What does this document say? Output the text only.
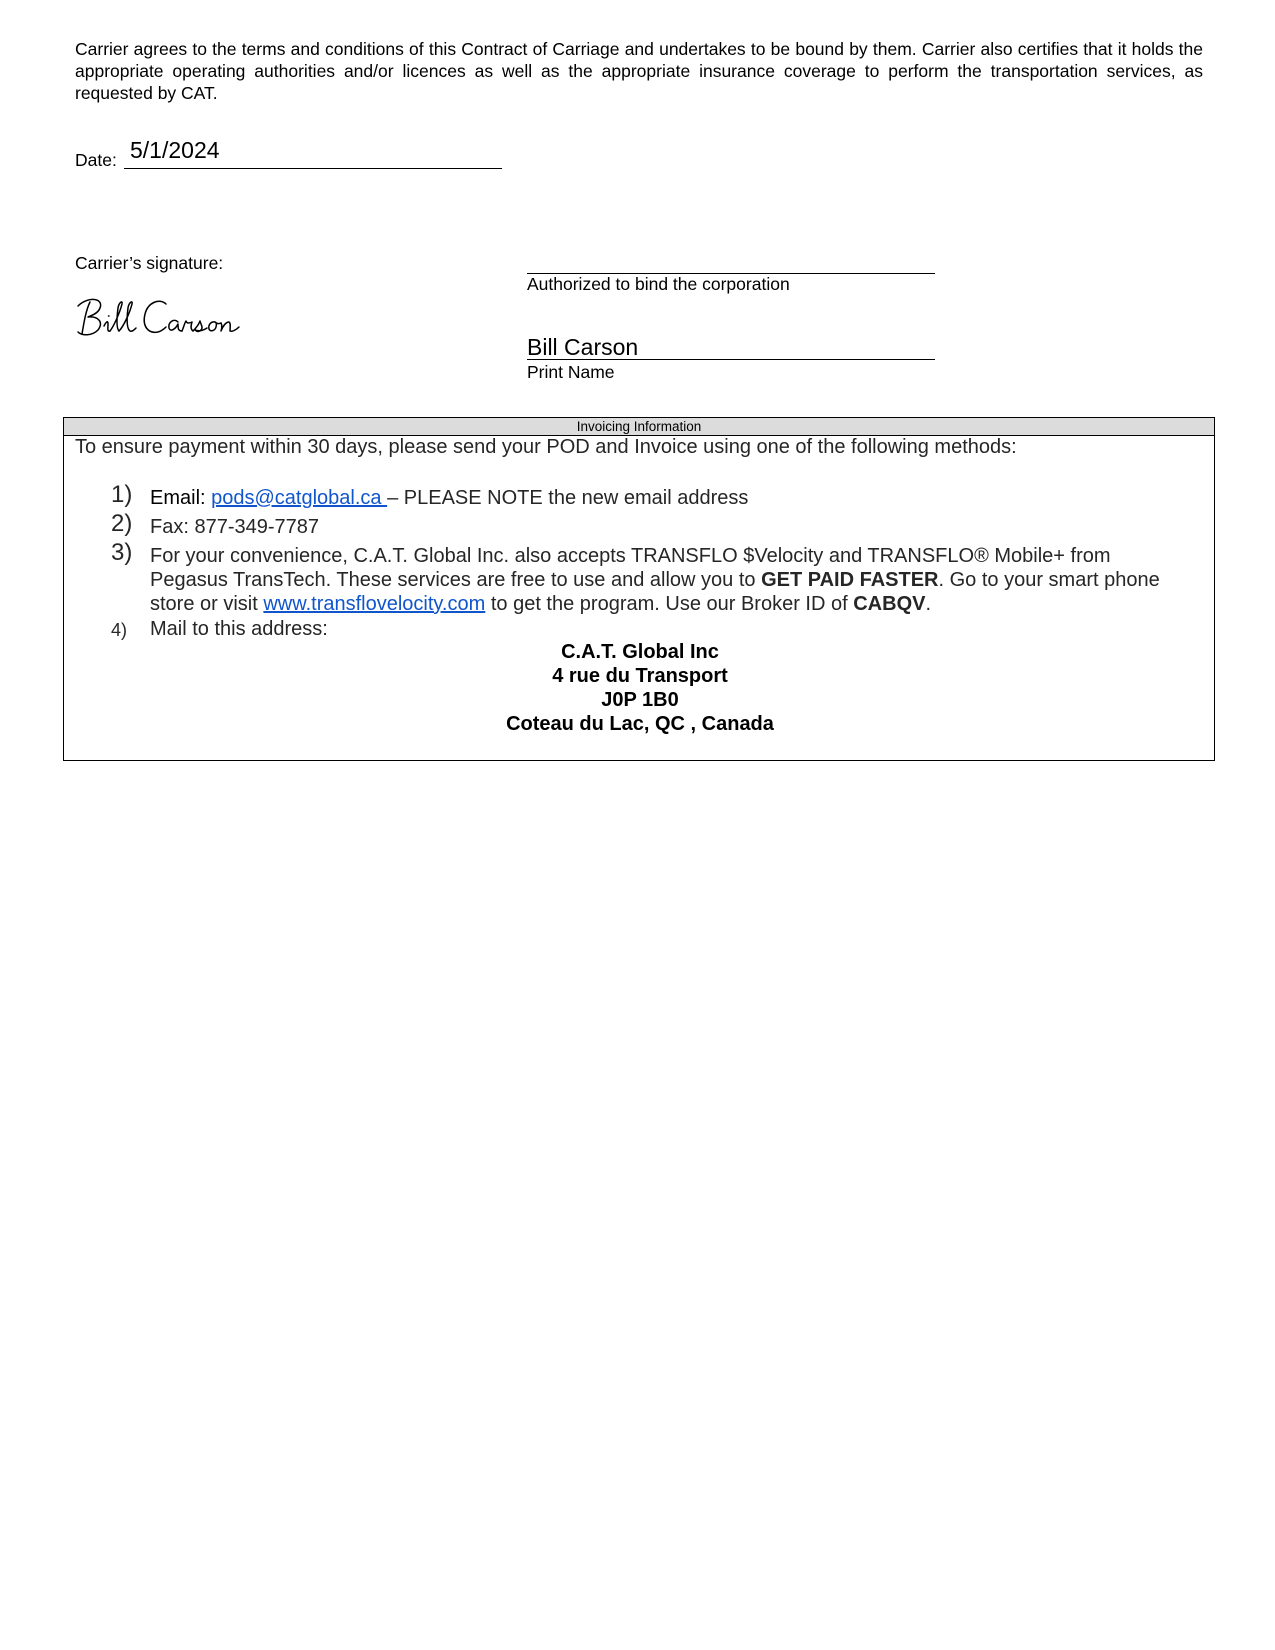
Carrier agrees to the terms and conditions of this Contract of Carriage and undertakes to be bound by them. Carrier also certifies that it holds the appropriate operating authorities and/or licences as well as the appropriate insurance coverage to perform the transportation services, as requested by CAT.
Date: 5/1/2024
Carrier’s signature:
Authorized to bind the corporation
Bill Carson
Print Name
Invoicing Information
To ensure payment within 30 days, please send your POD and Invoice using one of the following methods:
1) Email: pods@catglobal.ca – PLEASE NOTE the new email address
2) Fax: 877-349-7787
3) For your convenience, C.A.T. Global Inc. also accepts TRANSFLO $Velocity and TRANSFLO® Mobile+ from Pegasus TransTech. These services are free to use and allow you to GET PAID FASTER. Go to your smart phone store or visit www.transflovelocity.com to get the program. Use our Broker ID of CABQV.
4) Mail to this address:
C.A.T. Global Inc
4 rue du Transport
J0P 1B0
Coteau du Lac, QC , Canada
